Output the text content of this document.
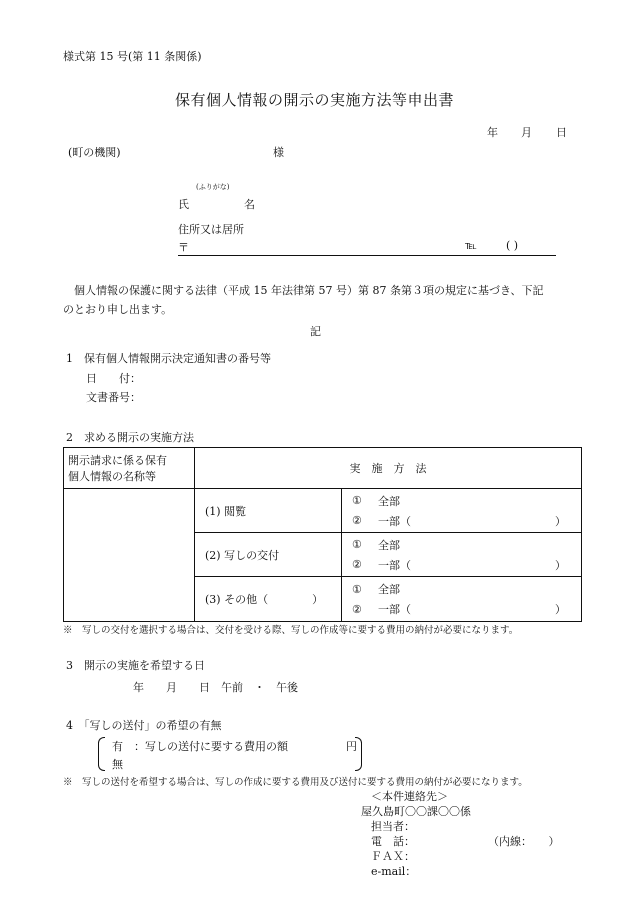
様式第 15 号(第 11 条関係)
保有個人情報の開示の実施方法等申出書
年 月 日
(町の機関)	様
(ふりがな)
氏	名
住所又は居所
〒	℡	( )
個人情報の保護に関する法律（平成 15 年法律第 57 号）第 87 条第３項の規定に基づき、下記
のとおり申し出ます。
記
1　保有個人情報開示決定通知書の番号等
日　　付：
文書番号：
2　求める開示の実施方法
開示請求に係る保有
個人情報の名称等	実　施　方　法	
	(1) 閲覧	① 全部
② 一部（ ）

	(2) 写しの交付	① 全部
② 一部（ ）

	(3) その他（　　　　）	① 全部
② 一部（ ）
※　写しの交付を選択する場合は、交付を受ける際、写しの作成等に要する費用の納付が必要になります。
3　開示の実施を希望する日
年　　月　　日　午前　・　午後
4　「写しの送付」の希望の有無
有　：写しの送付に要する費用の額	円
無
※　写しの送付を希望する場合は、写しの作成に要する費用及び送付に要する費用の納付が必要になります。
＜本件連絡先＞
屋久島町〇〇課〇〇係
担当者：
電　話：	（内線：　　）
ＦＡＸ：
e-mail：
